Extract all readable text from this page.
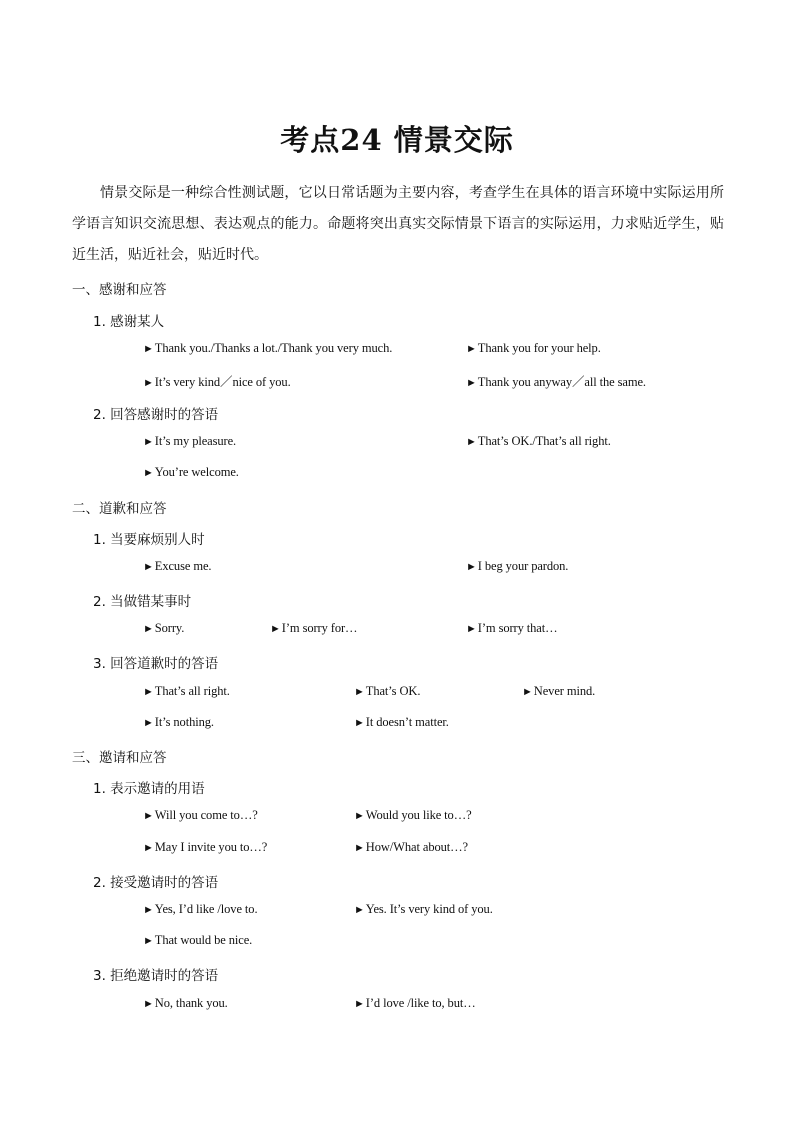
考点24 情景交际
情景交际是一种综合性测试题，它以日常话题为主要内容，考查学生在具体的语言环境中实际运用所学语言知识交流思想、表达观点的能力。命题将突出真实交际情景下语言的实际运用，力求贴近学生，贴近生活，贴近社会，贴近时代。
一、感谢和应答
1. 感谢某人
►Thank you./Thanks a lot./Thank you very much.	►Thank you for your help.
►It’s very kind／nice of you.	►Thank you anyway／all the same.
2. 回答感谢时的答语
►It’s my pleasure.	►That’s OK./That’s all right.
►You’re welcome.
二、道歉和应答
1. 当要麻烦别人时
►Excuse me.	►I beg your pardon.
2. 当做错某事时
►Sorry.	►I’m sorry for…	►I’m sorry that…
3. 回答道歉时的答语
►That’s all right.	►That’s OK.	►Never mind.
►It’s nothing.	►It doesn’t matter.
三、邀请和应答
1. 表示邀请的用语
►Will you come to…?	►Would you like to…?
►May I invite you to…?	►How/What about…?
2. 接受邀请时的答语
►Yes, I’d like /love to.	►Yes. It’s very kind of you.
►That would be nice.
3. 拒绝邀请时的答语
►No, thank you.	►I’d love /like to, but…
